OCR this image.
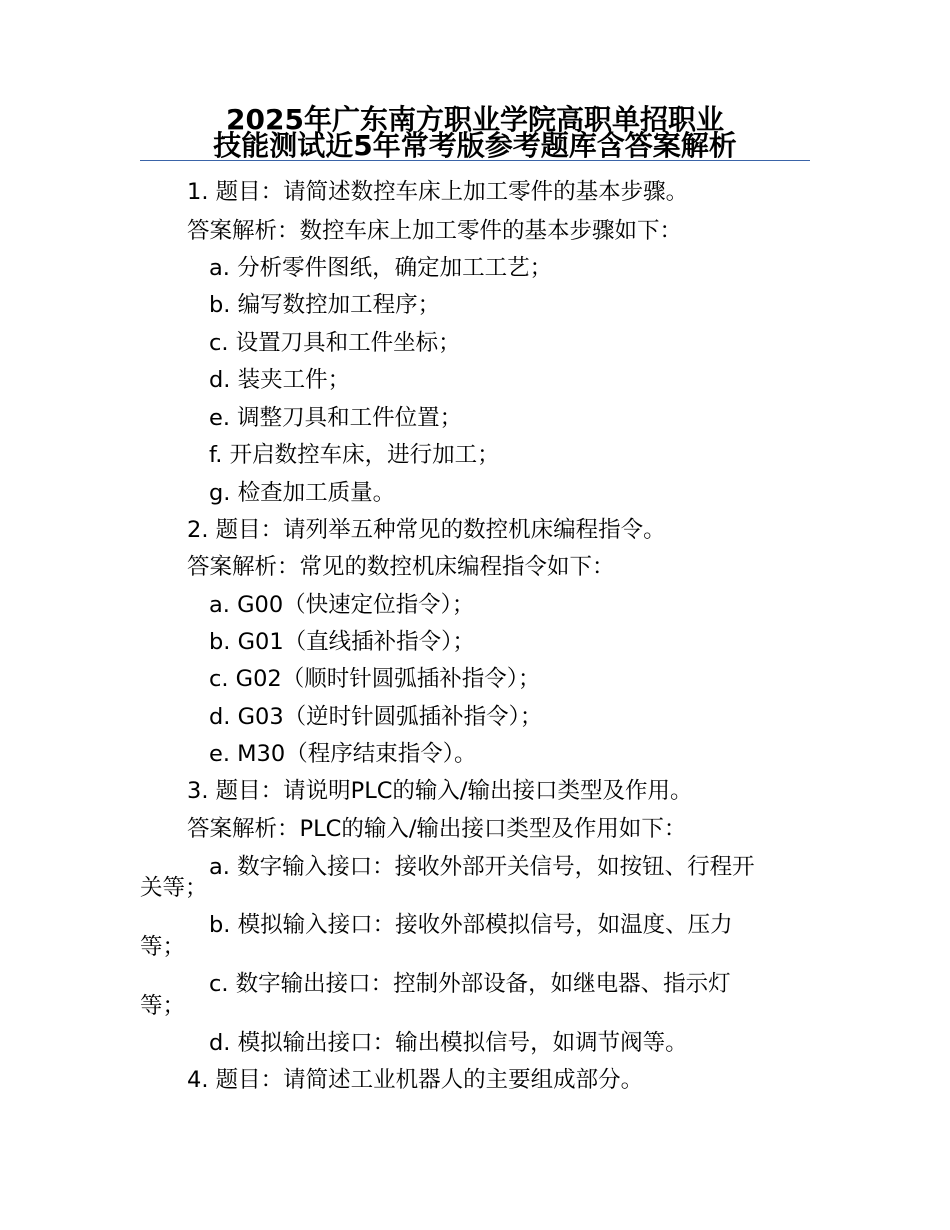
2025年广东南方职业学院高职单招职业
技能测试近5年常考版参考题库含答案解析
1. 题目：请简述数控车床上加工零件的基本步骤。
答案解析：数控车床上加工零件的基本步骤如下：
a. 分析零件图纸，确定加工工艺；
b. 编写数控加工程序；
c. 设置刀具和工件坐标；
d. 装夹工件；
e. 调整刀具和工件位置；
f. 开启数控车床，进行加工；
g. 检查加工质量。
2. 题目：请列举五种常见的数控机床编程指令。
答案解析：常见的数控机床编程指令如下：
a. G00（快速定位指令）；
b. G01（直线插补指令）；
c. G02（顺时针圆弧插补指令）；
d. G03（逆时针圆弧插补指令）；
e. M30（程序结束指令）。
3. 题目：请说明PLC的输入/输出接口类型及作用。
答案解析：PLC的输入/输出接口类型及作用如下：
a. 数字输入接口：接收外部开关信号，如按钮、行程开
关等；
b. 模拟输入接口：接收外部模拟信号，如温度、压力
等；
c. 数字输出接口：控制外部设备，如继电器、指示灯
等；
d. 模拟输出接口：输出模拟信号，如调节阀等。
4. 题目：请简述工业机器人的主要组成部分。
